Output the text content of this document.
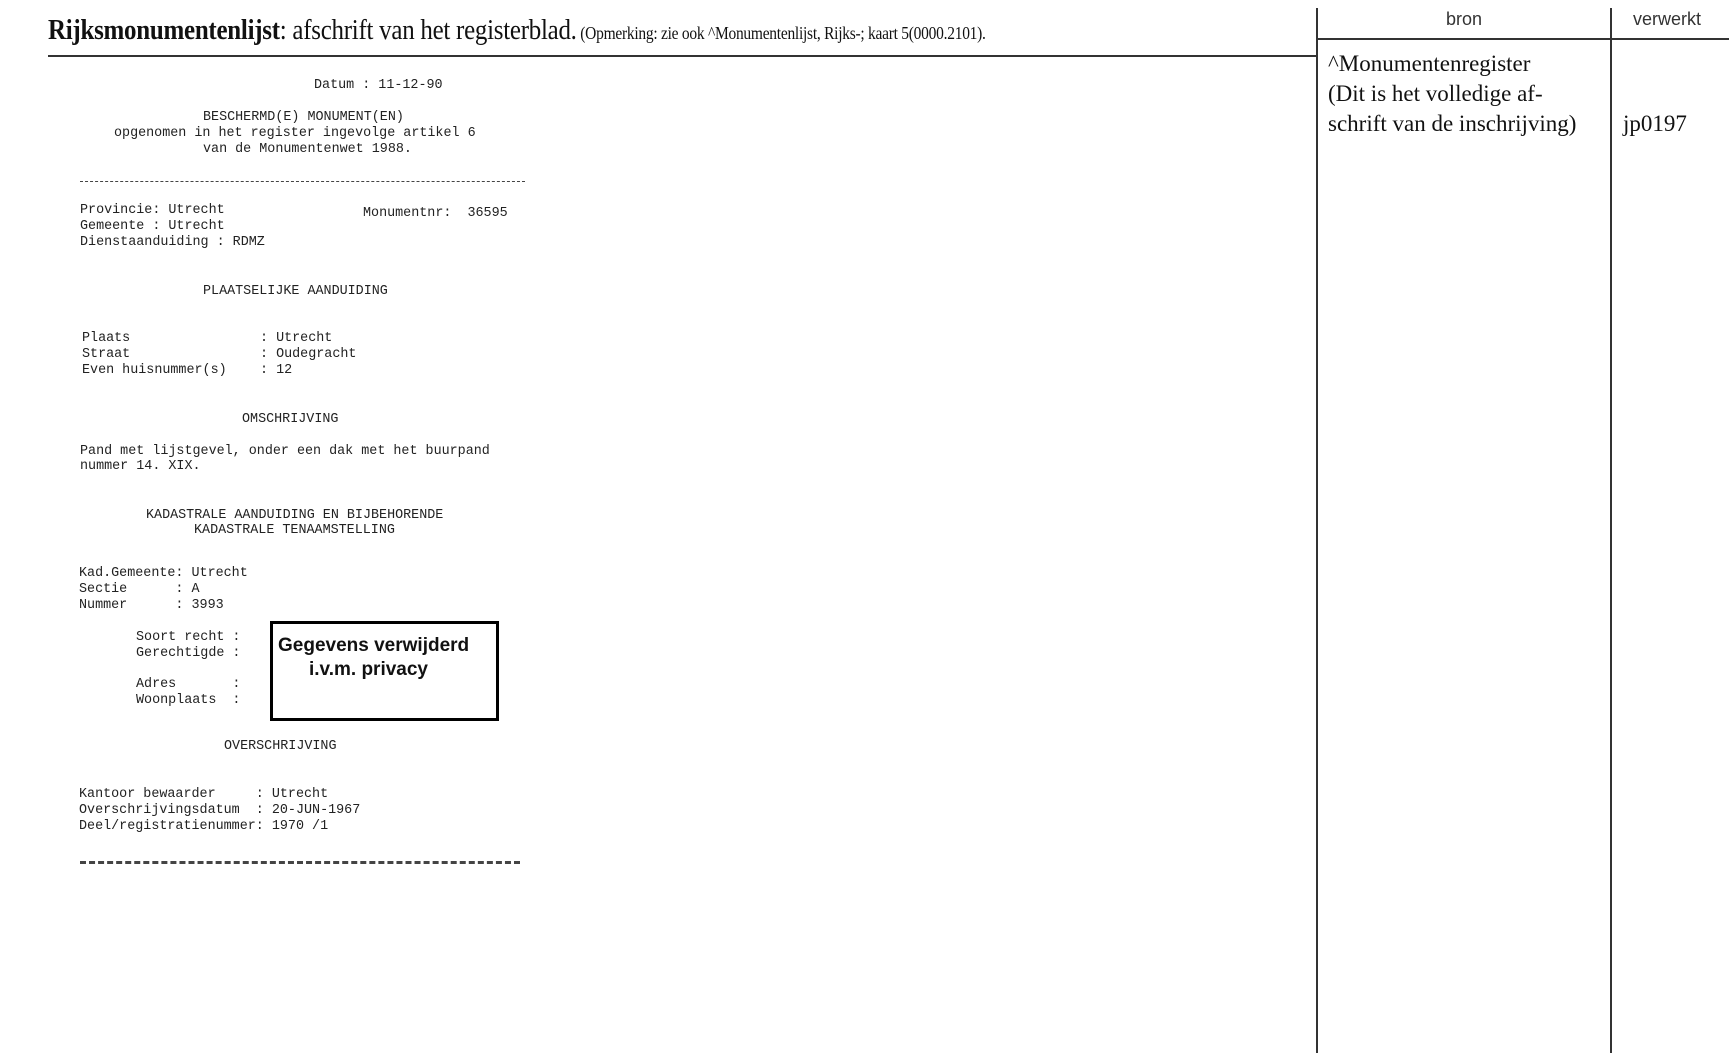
Rijksmonumentenlijst: afschrift van het registerblad. (Opmerking: zie ook ^Monumentenlijst, Rijks-; kaart 5(0000.2101).
bron	verwerkt
^Monumentenregister
(Dit is het volledige af-
schrift van de inschrijving) jp0197
Datum : 11-12-90
BESCHERMD(E) MONUMENT(EN)
opgenomen in het register ingevolge artikel 6
van de Monumentenwet 1988.
Provincie: Utrecht	Monumentnr:  36595
Gemeente : Utrecht
Dienstaanduiding : RDMZ
PLAATSELIJKE AANDUIDING
Plaats	: Utrecht
Straat	: Oudegracht
Even huisnummer(s) : 12
OMSCHRIJVING
Pand met lijstgevel, onder een dak met het buurpand
nummer 14. XIX.
KADASTRALE AANDUIDING EN BIJBEHORENDE
KADASTRALE TENAAMSTELLING
Kad.Gemeente: Utrecht
Sectie      : A
Nummer      : 3993
Soort recht :
Gerechtigde :
Adres       :
Woonplaats  :
Gegevens verwijderd
i.v.m. privacy
OVERSCHRIJVING
Kantoor bewaarder     : Utrecht
Overschrijvingsdatum  : 20-JUN-1967
Deel/registratienummer: 1970 /1
